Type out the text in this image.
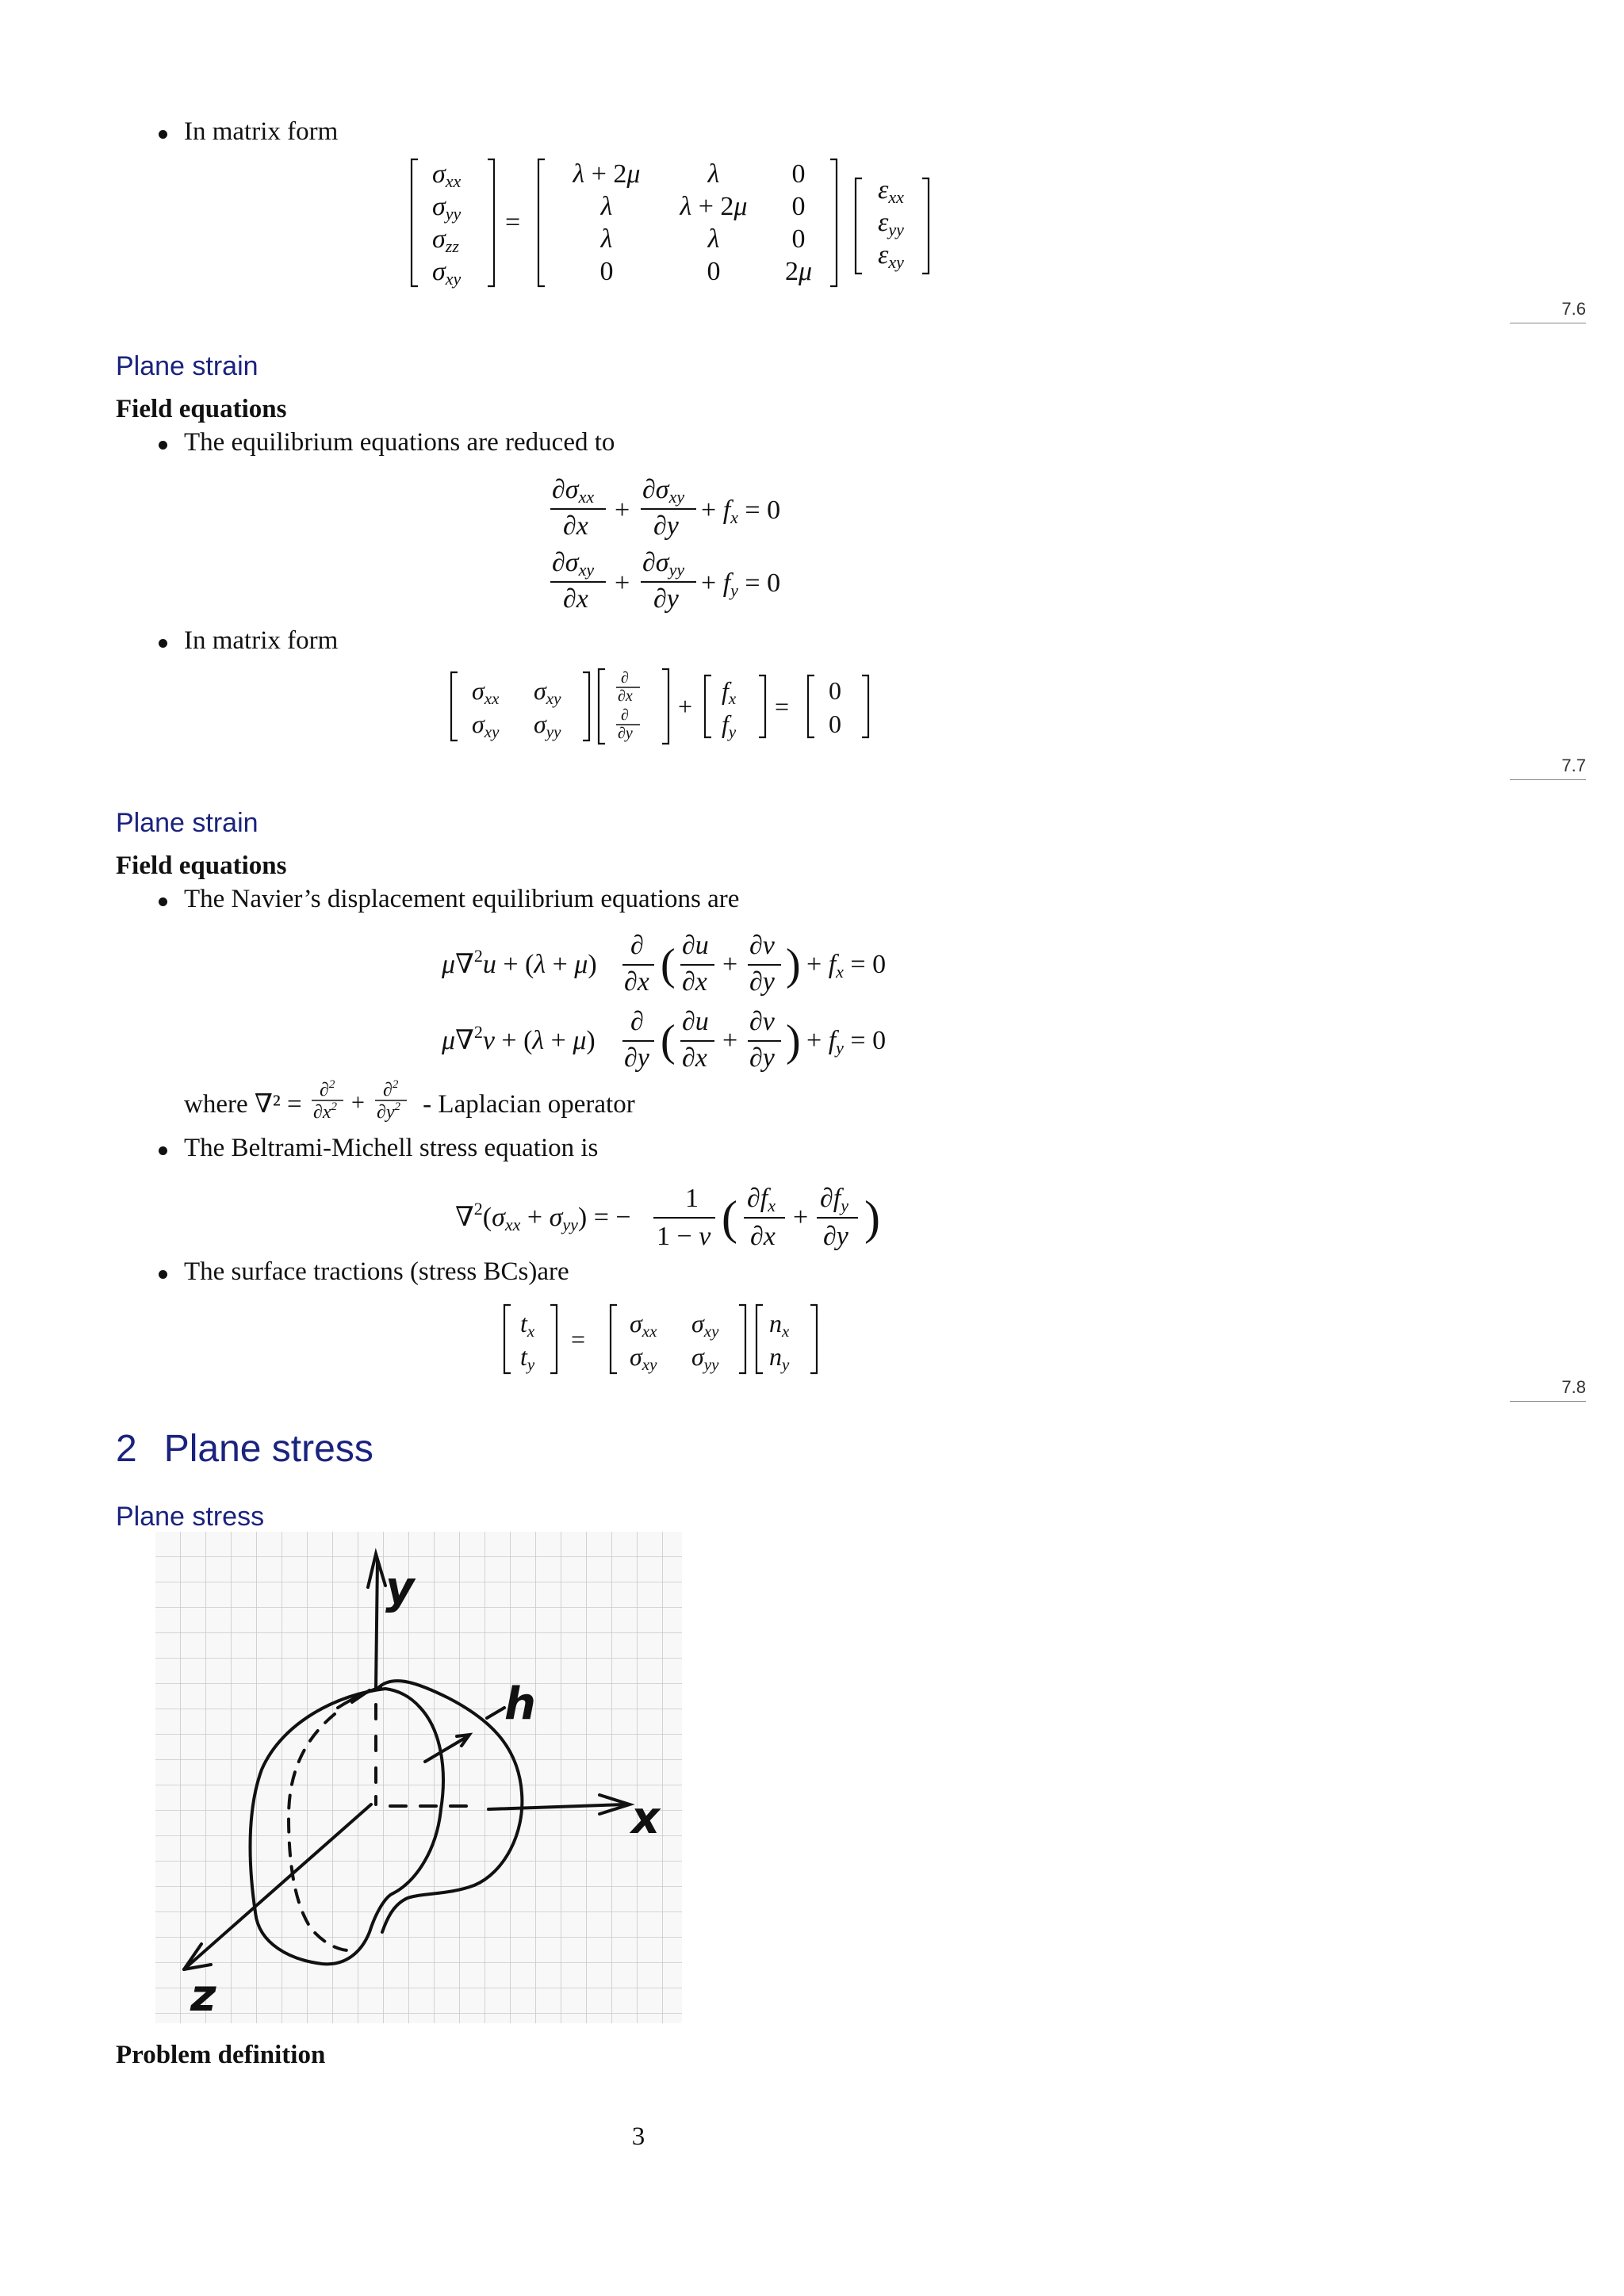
In matrix form
σxx
σyy
σzz
σxy
=
λ + 2μ	λ	0
λ	λ + 2μ 0
λ	λ	0
0	0 2μ
εxx
εyy
εxy
7.6
Plane strain
Field equations
The equilibrium equations are reduced to
∂σxx
∂x
+
∂σxy
∂y
+ fx = 0
∂σxy
∂x
+
∂σyy
∂y
+ fy = 0
In matrix form
σxx σxy
σxy σyy
∂
∂x
∂
∂y
fx
fy
+	=
0
0
7.7
Plane strain
Field equations
The Navier’s displacement equilibrium equations are
μ∇$^2$u + (λ + μ)
∂
∂x ( ∂u
∂x
+
∂v
∂y ) + fx = 0
μ∇$^2$v + (λ + μ)
∂
∂y ( ∂u
∂x
+
∂v
∂y ) + fy = 0
where ∇² = ∂$^2$
$\partial x^2 + \partial^2$
$\partial y^2$ - Laplacian operator
The Beltrami-Michell stress equation is
∇$^2$(σxx + σyy) = −
1
1 − ν ( ∂fx
∂x
+
∂fy
∂y )
The surface tractions (stress BCs)are
tx
ty
σxx σxy
σxy σyy
nx
ny
=
7.8
2 Plane stress
Plane stress
y
x
z
h
Problem definition
3
